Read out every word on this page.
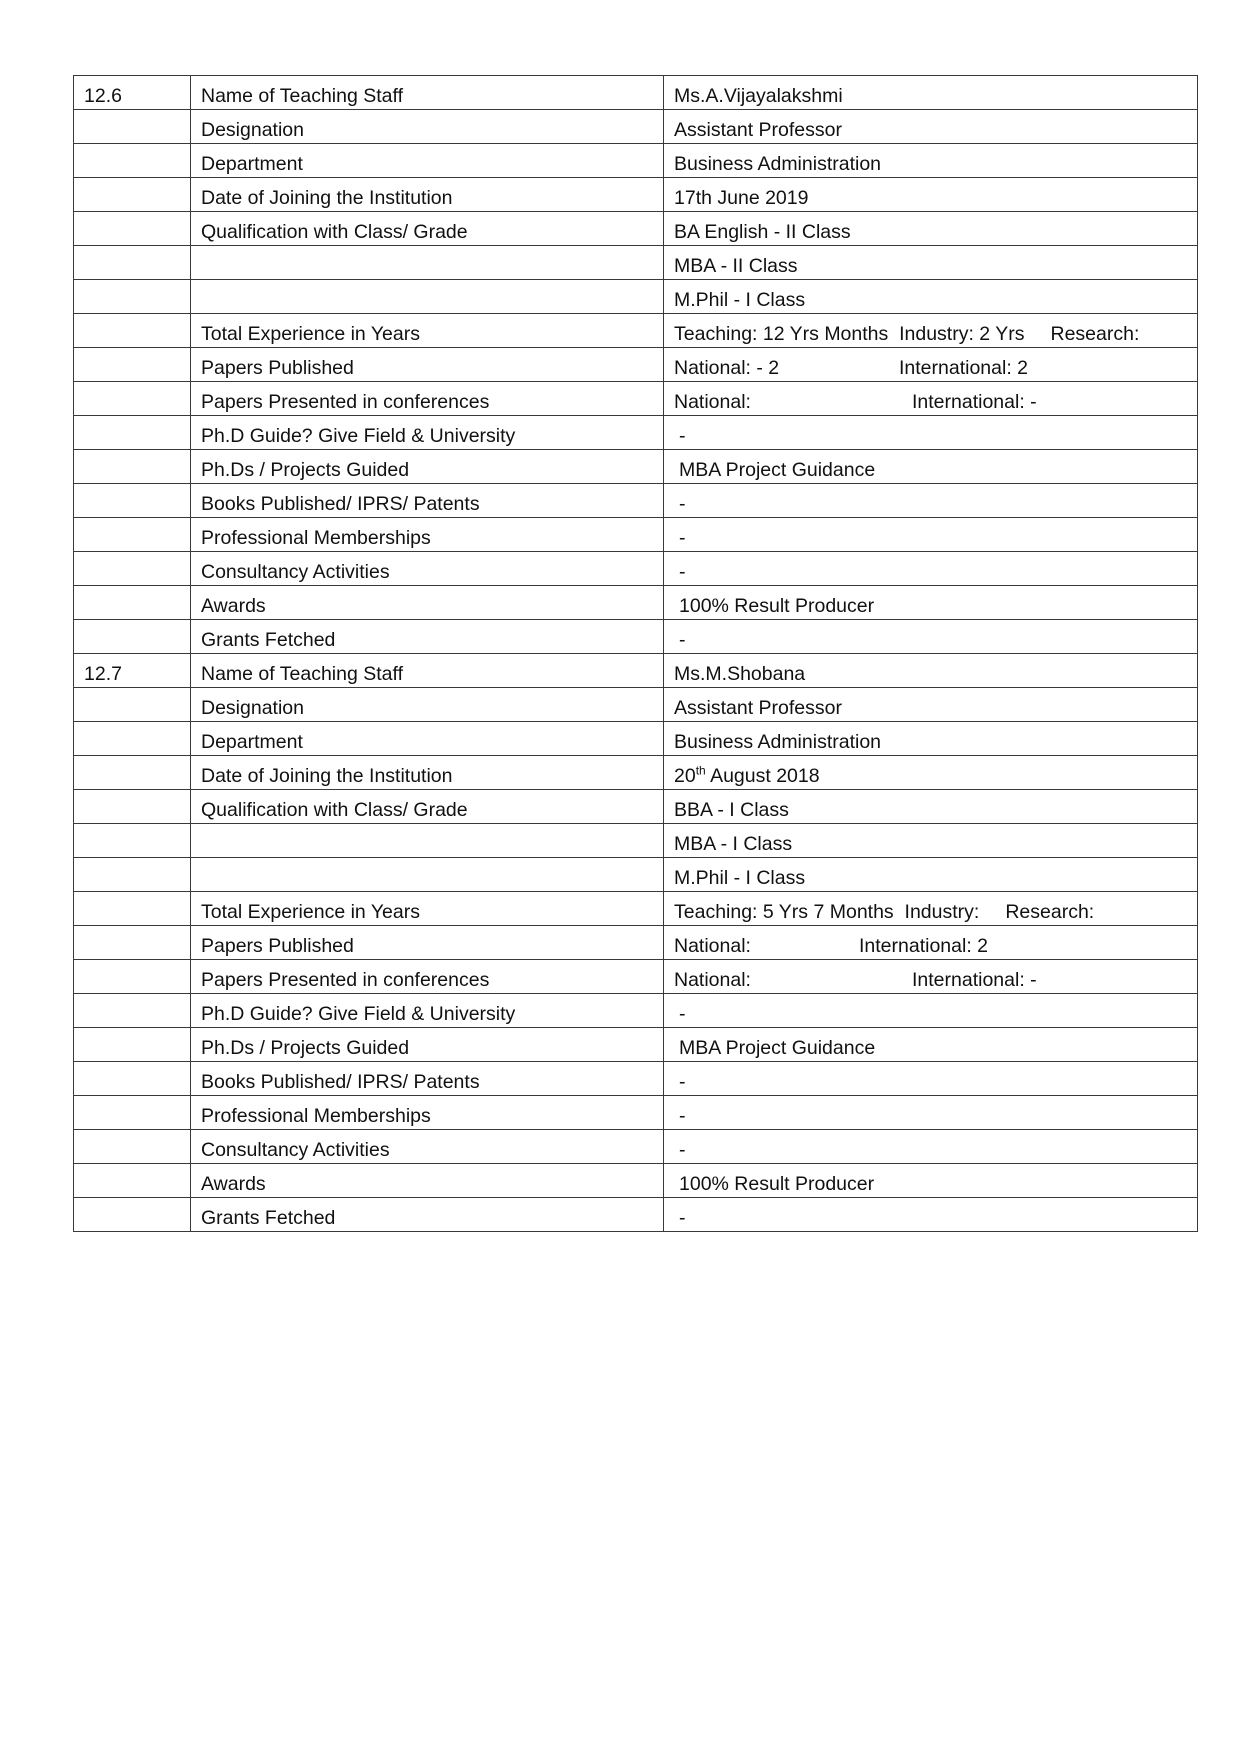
12.6	Name of Teaching Staff	Ms.A.Vijayalakshmi
	Designation	Assistant Professor
	Department	Business Administration
	Date of Joining the Institution	17th June 2019
	Qualification with Class/ Grade	BA English - II Class
		MBA - II Class
		M.Phil - I Class
	Total Experience in Years	Teaching: 12 Yrs Months Industry: 2 Yrs Research:
	Papers Published	National: - 2 International: 2
	Papers Presented in conferences	National: International: -
	Ph.D Guide? Give Field & University	-
	Ph.Ds / Projects Guided	MBA Project Guidance
	Books Published/ IPRS/ Patents	-
	Professional Memberships	-
	Consultancy Activities	-
	Awards	100% Result Producer
	Grants Fetched	-
12.7	Name of Teaching Staff	Ms.M.Shobana
	Designation	Assistant Professor
	Department	Business Administration
	Date of Joining the Institution	20th August 2018
	Qualification with Class/ Grade	BBA - I Class
		MBA - I Class
		M.Phil - I Class
	Total Experience in Years	Teaching: 5 Yrs 7 Months Industry: Research:
	Papers Published	National: International: 2
	Papers Presented in conferences	National: International: -
	Ph.D Guide? Give Field & University	-
	Ph.Ds / Projects Guided	MBA Project Guidance
	Books Published/ IPRS/ Patents	-
	Professional Memberships	-
	Consultancy Activities	-
	Awards	100% Result Producer
	Grants Fetched	-
